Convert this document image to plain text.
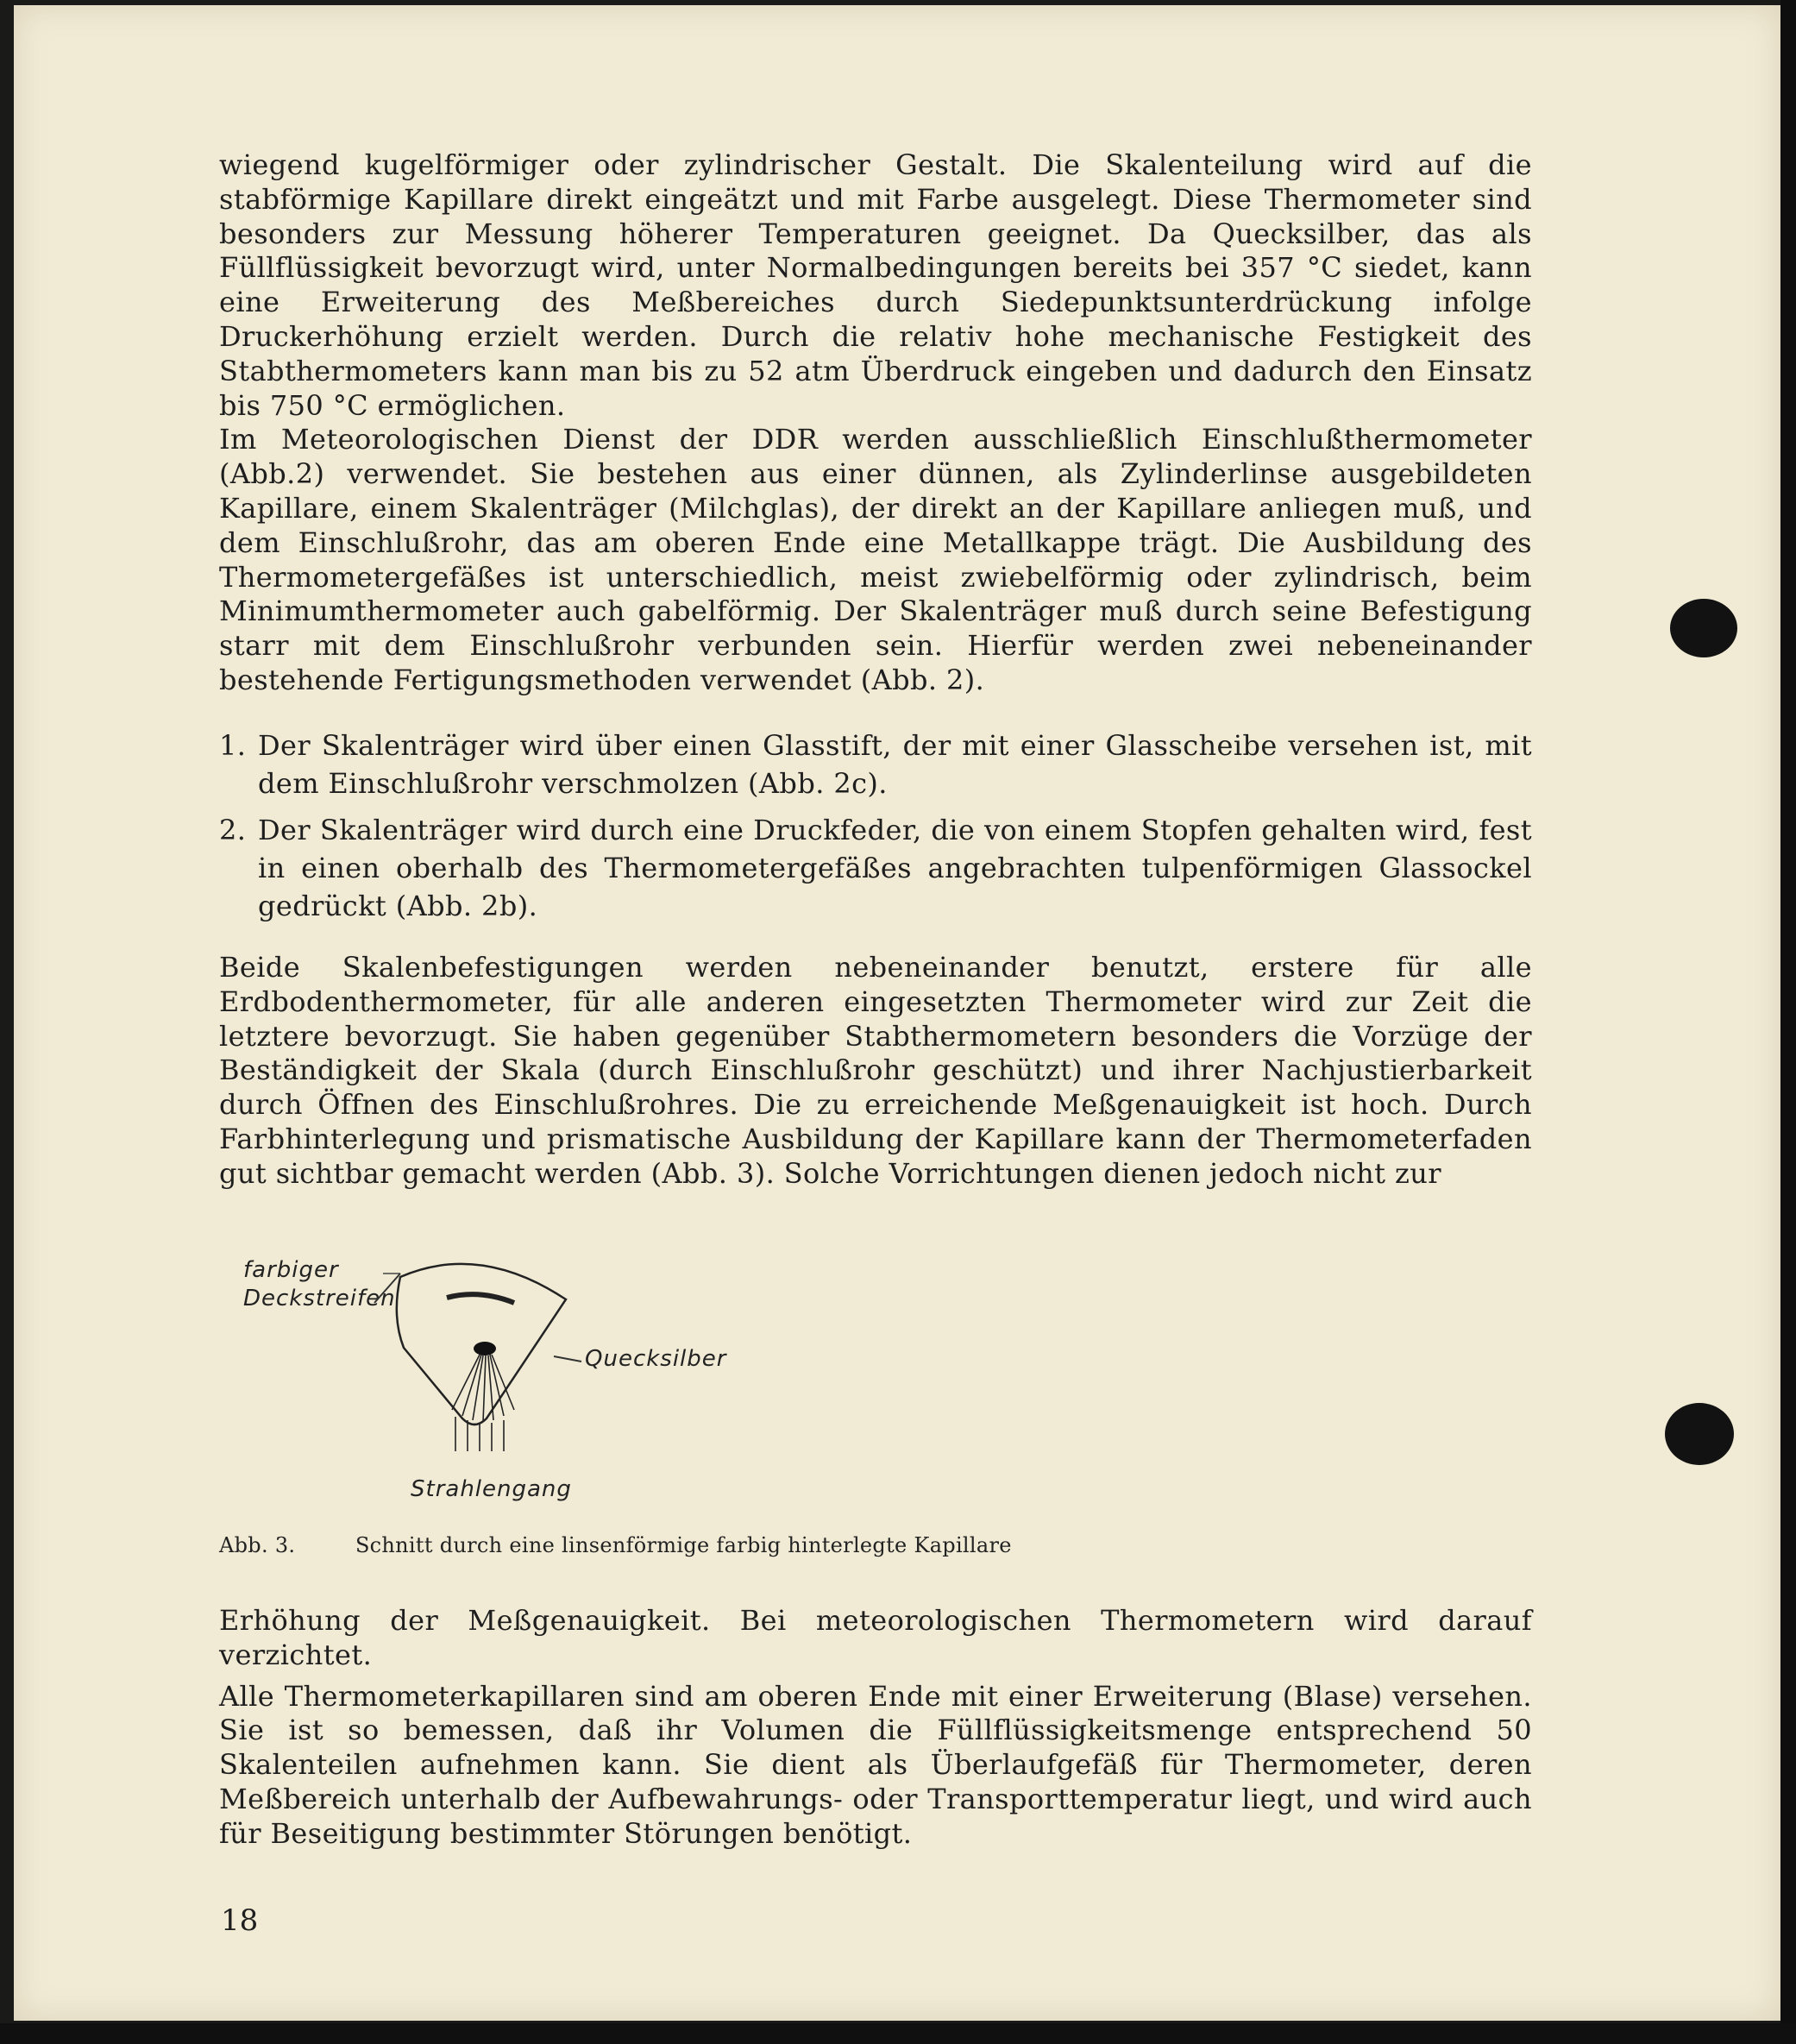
wiegend kugelförmiger oder zylindrischer Gestalt. Die Skalenteilung wird auf die stabförmige Kapillare direkt eingeätzt und mit Farbe ausgelegt. Diese Thermometer sind besonders zur Messung höherer Temperaturen geeignet. Da Quecksilber, das als Füllflüssigkeit bevorzugt wird, unter Normalbedingungen bereits bei 357 °C siedet, kann eine Erweiterung des Meßbereiches durch Siedepunktsunterdrückung infolge Druckerhöhung erzielt werden. Durch die relativ hohe mechanische Festigkeit des Stabthermometers kann man bis zu 52 atm Überdruck eingeben und dadurch den Einsatz bis 750 °C ermöglichen.

Im Meteorologischen Dienst der DDR werden ausschließlich Einschlußthermometer (Abb.2) verwendet. Sie bestehen aus einer dünnen, als Zylinderlinse ausgebildeten Kapillare, einem Skalenträger (Milchglas), der direkt an der Kapillare anliegen muß, und dem Einschlußrohr, das am oberen Ende eine Metallkappe trägt. Die Ausbildung des Thermometergefäßes ist unterschiedlich, meist zwiebelförmig oder zylindrisch, beim Minimumthermometer auch gabelförmig. Der Skalenträger muß durch seine Befestigung starr mit dem Einschlußrohr verbunden sein. Hierfür werden zwei nebeneinander bestehende Fertigungsmethoden verwendet (Abb. 2).

1. Der Skalenträger wird über einen Glasstift, der mit einer Glasscheibe versehen ist, mit dem Einschlußrohr verschmolzen (Abb. 2c).
2. Der Skalenträger wird durch eine Druckfeder, die von einem Stopfen gehalten wird, fest in einen oberhalb des Thermometergefäßes angebrachten tulpenförmigen Glassockel gedrückt (Abb. 2b).

Beide Skalenbefestigungen werden nebeneinander benutzt, erstere für alle Erdbodenthermometer, für alle anderen eingesetzten Thermometer wird zur Zeit die letztere bevorzugt. Sie haben gegenüber Stabthermometern besonders die Vorzüge der Beständigkeit der Skala (durch Einschlußrohr geschützt) und ihrer Nachjustierbarkeit durch Öffnen des Einschlußrohres. Die zu erreichende Meßgenauigkeit ist hoch. Durch Farbhinterlegung und prismatische Ausbildung der Kapillare kann der Thermometerfaden gut sichtbar gemacht werden (Abb. 3). Solche Vorrichtungen dienen jedoch nicht zur

farbiger
Deckstreifen
Quecksilber
Strahlengang
Abb. 3.	Schnitt durch eine linsenförmige farbig hinterlegte Kapillare

Erhöhung der Meßgenauigkeit. Bei meteorologischen Thermometern wird darauf verzichtet.

Alle Thermometerkapillaren sind am oberen Ende mit einer Erweiterung (Blase) versehen. Sie ist so bemessen, daß ihr Volumen die Füllflüssigkeitsmenge entsprechend 50 Skalenteilen aufnehmen kann. Sie dient als Überlaufgefäß für Thermometer, deren Meßbereich unterhalb der Aufbewahrungs- oder Transporttemperatur liegt, und wird auch für Beseitigung bestimmter Störungen benötigt.

18
